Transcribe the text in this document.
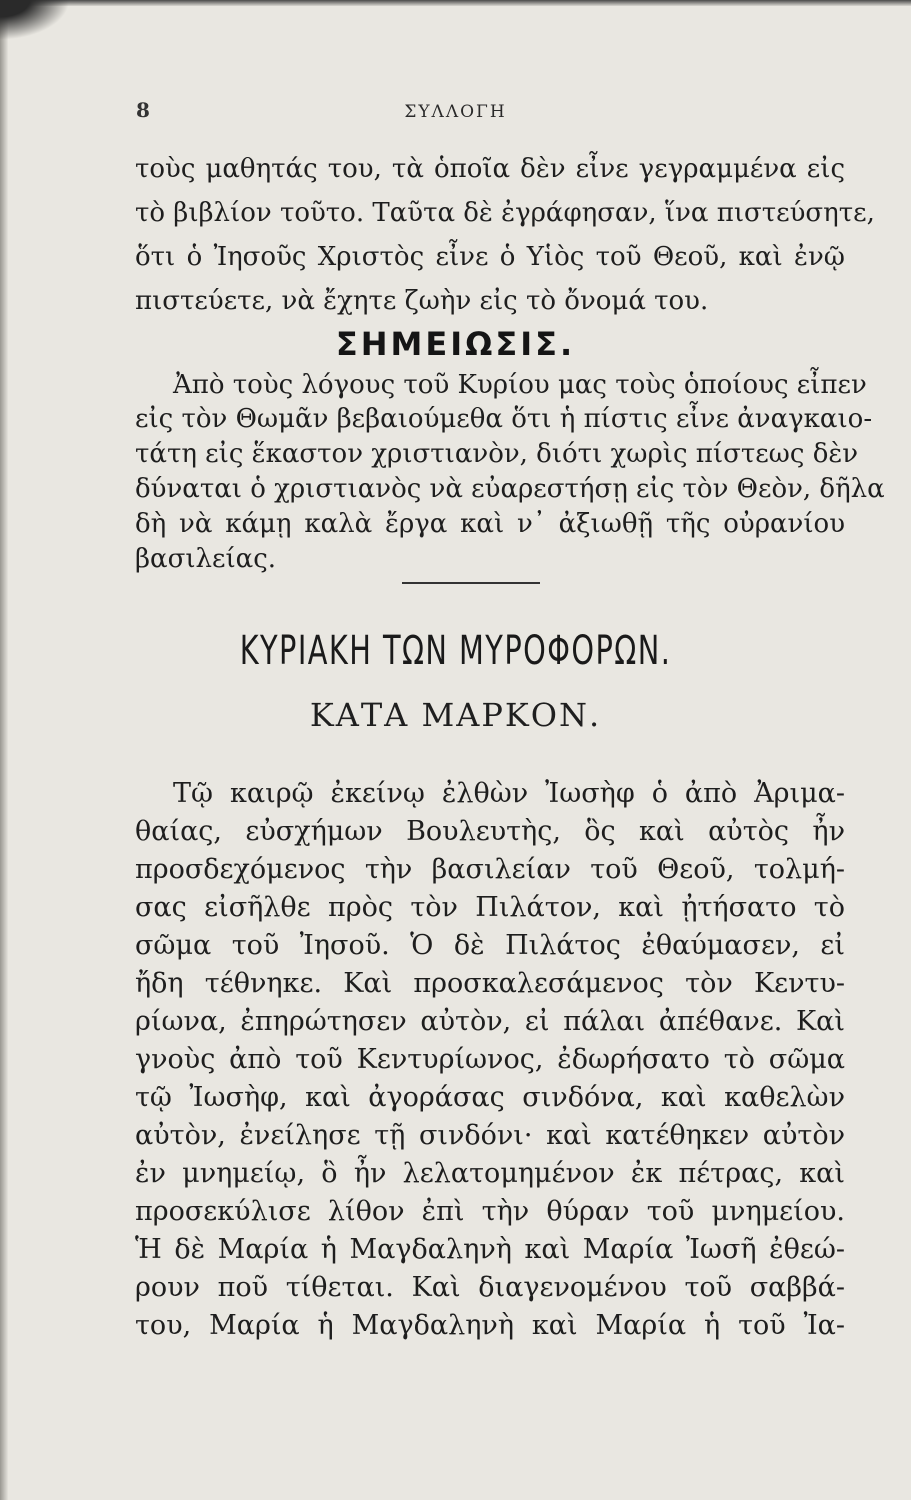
8	ΣΥΛΛΟΓΗ
τοὺς μαθητάς του, τὰ ὁποῖα δὲν εἶνε γεγραμμένα εἰς
τὸ βιβλίον τοῦτο. Ταῦτα δὲ ἐγράφησαν, ἵνα πιστεύσητε,
ὅτι ὁ Ἰησοῦς Χριστὸς εἶνε ὁ Υἱὸς τοῦ Θεοῦ, καὶ ἐνῷ
πιστεύετε, νὰ ἔχητε ζωὴν εἰς τὸ ὄνομά του.
ΣΗΜΕΙΩΣΙΣ.
Ἀπὸ τοὺς λόγους τοῦ Κυρίου μας τοὺς ὁποίους εἶπεν
εἰς τὸν Θωμᾶν βεβαιούμεθα ὅτι ἡ πίστις εἶνε ἀναγκαιο-
τάτη εἰς ἕκαστον χριστιανὸν, διότι χωρὶς πίστεως δὲν
δύναται ὁ χριστιανὸς νὰ εὐαρεστήσῃ εἰς τὸν Θεὸν, δῆλα
δὴ νὰ κάμῃ καλὰ ἔργα καὶ ν᾽ ἀξιωθῇ τῆς οὐρανίου
βασιλείας.
ΚΥΡΙΑΚΗ ΤΩΝ ΜΥΡΟΦΟΡΩΝ.
ΚΑΤΑ ΜΑΡΚΟΝ.
Τῷ καιρῷ ἐκείνῳ ἐλθὼν Ἰωσὴφ ὁ ἀπὸ Ἀριμα-
θαίας, εὐσχήμων Βουλευτὴς, ὃς καὶ αὐτὸς ἦν
προσδεχόμενος τὴν βασιλείαν τοῦ Θεοῦ, τολμή-
σας εἰσῆλθε πρὸς τὸν Πιλάτον, καὶ ᾐτήσατο τὸ
σῶμα τοῦ Ἰησοῦ. Ὁ δὲ Πιλάτος ἐθαύμασεν, εἰ
ἤδη τέθνηκε. Καὶ προσκαλεσάμενος τὸν Κεντυ-
ρίωνα, ἐπηρώτησεν αὐτὸν, εἰ πάλαι ἀπέθανε. Καὶ
γνοὺς ἀπὸ τοῦ Κεντυρίωνος, ἐδωρήσατο τὸ σῶμα
τῷ Ἰωσὴφ, καὶ ἀγοράσας σινδόνα, καὶ καθελὼν
αὐτὸν, ἐνείλησε τῇ σινδόνι· καὶ κατέθηκεν αὐτὸν
ἐν μνημείῳ, ὃ ἦν λελατομημένον ἐκ πέτρας, καὶ
προσεκύλισε λίθον ἐπὶ τὴν θύραν τοῦ μνημείου.
Ἡ δὲ Μαρία ἡ Μαγδαληνὴ καὶ Μαρία Ἰωσῆ ἐθεώ-
ρουν ποῦ τίθεται. Καὶ διαγενομένου τοῦ σαββά-
του, Μαρία ἡ Μαγδαληνὴ καὶ Μαρία ἡ τοῦ Ἰα-
